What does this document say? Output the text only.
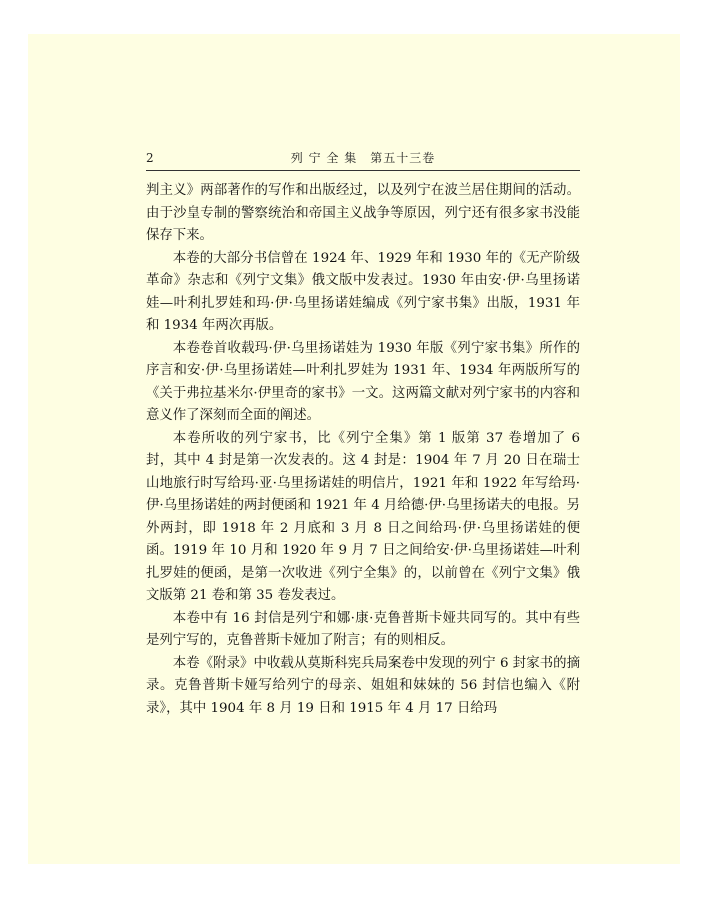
2	列 宁 全 集　第五十三卷

判主义》两部著作的写作和出版经过，以及列宁在波兰居住期间的活动。由于沙皇专制的警察统治和帝国主义战争等原因，列宁还有很多家书没能保存下来。

本卷的大部分书信曾在 1924 年、1929 年和 1930 年的《无产阶级革命》杂志和《列宁文集》俄文版中发表过。1930 年由安·伊·乌里扬诺娃—叶利扎罗娃和玛·伊·乌里扬诺娃编成《列宁家书集》出版，1931 年和 1934 年两次再版。

本卷卷首收载玛·伊·乌里扬诺娃为 1930 年版《列宁家书集》所作的序言和安·伊·乌里扬诺娃—叶利扎罗娃为 1931 年、1934 年两版所写的《关于弗拉基米尔·伊里奇的家书》一文。这两篇文献对列宁家书的内容和意义作了深刻而全面的阐述。

本卷所收的列宁家书，比《列宁全集》第 1 版第 37 卷增加了 6 封，其中 4 封是第一次发表的。这 4 封是：1904 年 7 月 20 日在瑞士山地旅行时写给玛·亚·乌里扬诺娃的明信片，1921 年和 1922 年写给玛·伊·乌里扬诺娃的两封便函和 1921 年 4 月给德·伊·乌里扬诺夫的电报。另外两封，即 1918 年 2 月底和 3 月 8 日之间给玛·伊·乌里扬诺娃的便函。1919 年 10 月和 1920 年 9 月 7 日之间给安·伊·乌里扬诺娃—叶利扎罗娃的便函，是第一次收进《列宁全集》的，以前曾在《列宁文集》俄文版第 21 卷和第 35 卷发表过。

本卷中有 16 封信是列宁和娜·康·克鲁普斯卡娅共同写的。其中有些是列宁写的，克鲁普斯卡娅加了附言；有的则相反。

本卷《附录》中收载从莫斯科宪兵局案卷中发现的列宁 6 封家书的摘录。克鲁普斯卡娅写给列宁的母亲、姐姐和妹妹的 56 封信也编入《附录》，其中 1904 年 8 月 19 日和 1915 年 4 月 17 日给玛
